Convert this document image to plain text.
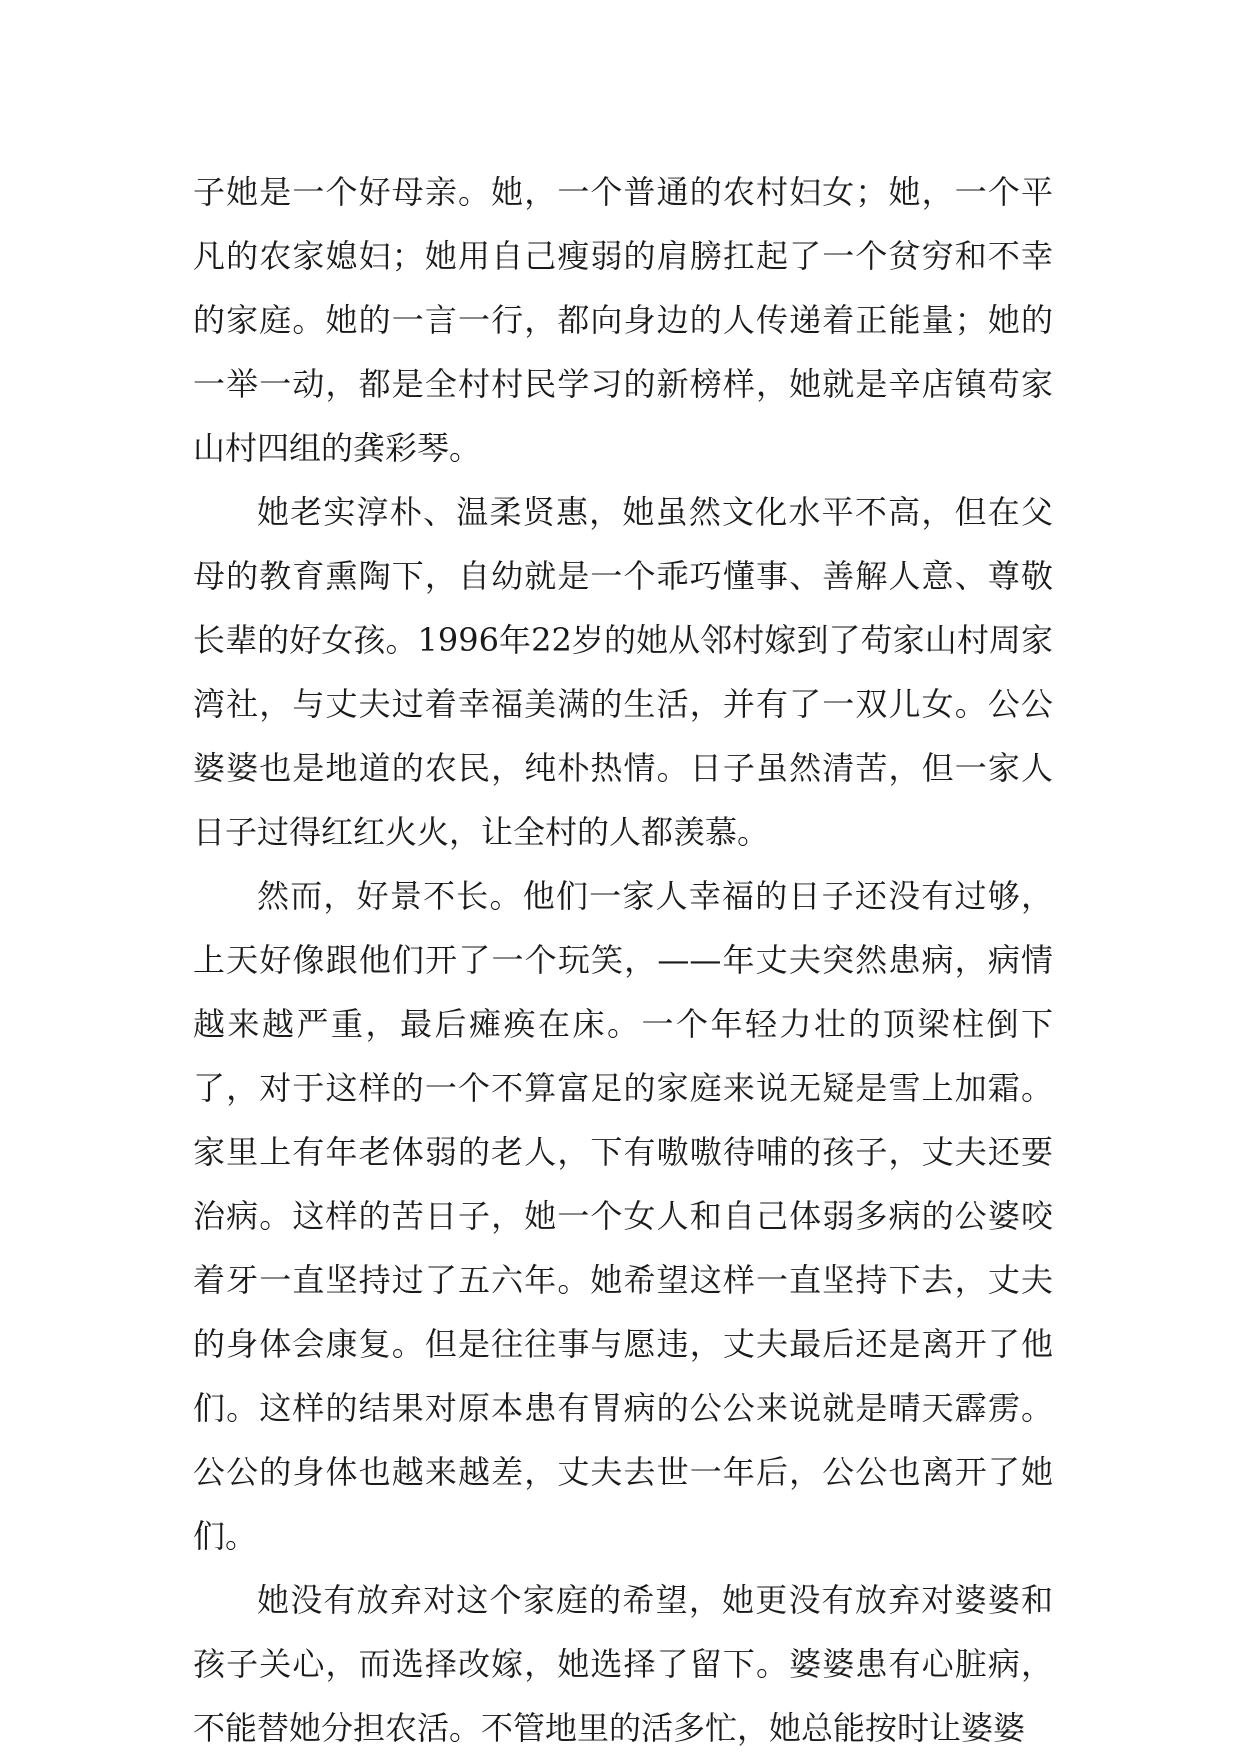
子她是一个好母亲。她，一个普通的农村妇女；她，一个平凡的农家媳妇；她用自己瘦弱的肩膀扛起了一个贫穷和不幸的家庭。她的一言一行，都向身边的人传递着正能量；她的一举一动，都是全村村民学习的新榜样，她就是辛店镇苟家山村四组的龚彩琴。

她老实淳朴、温柔贤惠，她虽然文化水平不高，但在父母的教育熏陶下，自幼就是一个乖巧懂事、善解人意、尊敬长辈的好女孩。1996年22岁的她从邻村嫁到了苟家山村周家湾社，与丈夫过着幸福美满的生活，并有了一双儿女。公公婆婆也是地道的农民，纯朴热情。日子虽然清苦，但一家人日子过得红红火火，让全村的人都羡慕。

然而，好景不长。他们一家人幸福的日子还没有过够，上天好像跟他们开了一个玩笑，——年丈夫突然患病，病情越来越严重，最后瘫痪在床。一个年轻力壮的顶梁柱倒下了，对于这样的一个不算富足的家庭来说无疑是雪上加霜。家里上有年老体弱的老人，下有嗷嗷待哺的孩子，丈夫还要治病。这样的苦日子，她一个女人和自己体弱多病的公婆咬着牙一直坚持过了五六年。她希望这样一直坚持下去，丈夫的身体会康复。但是往往事与愿违，丈夫最后还是离开了他们。这样的结果对原本患有胃病的公公来说就是晴天霹雳。公公的身体也越来越差，丈夫去世一年后，公公也离开了她们。

她没有放弃对这个家庭的希望，她更没有放弃对婆婆和孩子关心，而选择改嫁，她选择了留下。婆婆患有心脏病，不能替她分担农活。不管地里的活多忙，她总能按时让婆婆
